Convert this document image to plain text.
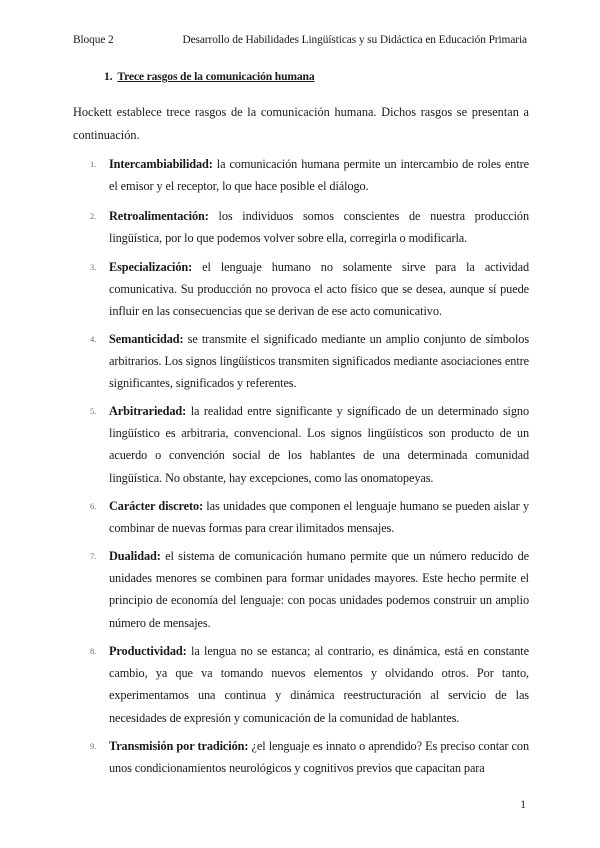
Bloque 2	Desarrollo de Habilidades Lingüísticas y su Didáctica en Educación Primaria
1. Trece rasgos de la comunicación humana
Hockett establece trece rasgos de la comunicación humana. Dichos rasgos se presentan a continuación.
1. Intercambiabilidad: la comunicación humana permite un intercambio de roles entre el emisor y el receptor, lo que hace posible el diálogo.
2. Retroalimentación: los individuos somos conscientes de nuestra producción lingüística, por lo que podemos volver sobre ella, corregirla o modificarla.
3. Especialización: el lenguaje humano no solamente sirve para la actividad comunicativa. Su producción no provoca el acto físico que se desea, aunque sí puede influir en las consecuencias que se derivan de ese acto comunicativo.
4. Semanticidad: se transmite el significado mediante un amplio conjunto de símbolos arbitrarios. Los signos lingüísticos transmiten significados mediante asociaciones entre significantes, significados y referentes.
5. Arbitrariedad: la realidad entre significante y significado de un determinado signo lingüístico es arbitraria, convencional. Los signos lingüísticos son producto de un acuerdo o convención social de los hablantes de una determinada comunidad lingüística. No obstante, hay excepciones, como las onomatopeyas.
6. Carácter discreto: las unidades que componen el lenguaje humano se pueden aislar y combinar de nuevas formas para crear ilimitados mensajes.
7. Dualidad: el sistema de comunicación humano permite que un número reducido de unidades menores se combinen para formar unidades mayores. Este hecho permite el principio de economía del lenguaje: con pocas unidades podemos construir un amplio número de mensajes.
8. Productividad: la lengua no se estanca; al contrario, es dinámica, está en constante cambio, ya que va tomando nuevos elementos y olvidando otros. Por tanto, experimentamos una continua y dinámica reestructuración al servicio de las necesidades de expresión y comunicación de la comunidad de hablantes.
9. Transmisión por tradición: ¿el lenguaje es innato o aprendido? Es preciso contar con unos condicionamientos neurológicos y cognitivos previos que capacitan para
1
